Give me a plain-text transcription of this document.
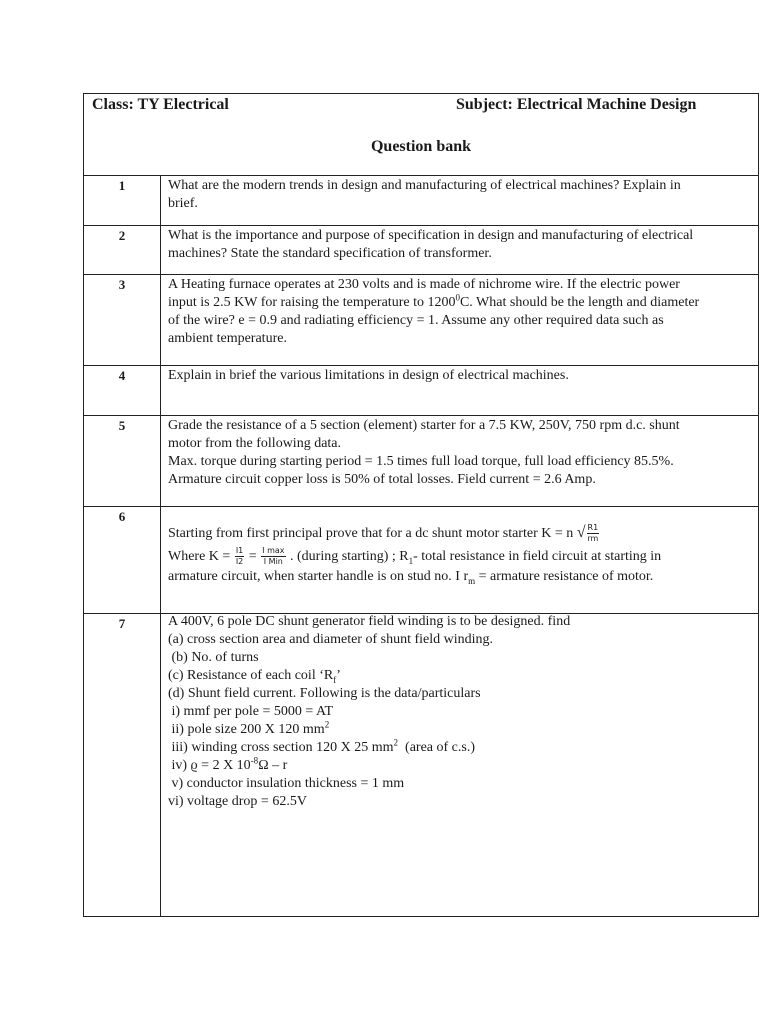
Class: TY Electrical	Subject: Electrical Machine Design
Question bank
1	What are the modern trends in design and manufacturing of electrical machines? Explain in

brief.

2	What is the importance and purpose of specification in design and manufacturing of electrical

machines? State the standard specification of transformer.

3	A Heating furnace operates at 230 volts and is made of nichrome wire. If the electric power

input is 2.5 KW for raising the temperature to 1200$^0$C. What should be the length and diameter

of the wire? e = 0.9 and radiating efficiency = 1. Assume any other required data such as

ambient temperature.

4	Explain in brief the various limitations in design of electrical machines.

5	Grade the resistance of a 5 section (element) starter for a 7.5 KW, 250V, 750 rpm d.c. shunt

motor from the following data.

Max. torque during starting period = 1.5 times full load torque, full load efficiency 85.5%.

Armature circuit copper loss is 50% of total losses. Field current = 2.6 Amp.

6

Starting from first principal prove that for a dc shunt motor starter K = n √ $\frac{R1}{rm}$

Where $K = \frac{I1}{I2} = \frac{\text{I max}}{\text{I Min}}$ . (during starting) ; $R_1-$ total resistance in field circuit at starting in

armature circuit, when starter handle is on stud no. I $r_m$ = armature resistance of motor.

7	A 400V, 6 pole DC shunt generator field winding is to be designed. find

(a) cross section area and diameter of shunt field winding.

(b) No. of turns

(c) Resistance of each coil ‘$R_f$’

(d) Shunt field current. Following is the data/particulars

i) mmf per pole = 5000 = AT

ii) pole size 200 X 120 $mm^2$

iii) winding cross section 120 X 25 $mm^2$  (area of c.s.)

iv) ϱ = 2 X $10^{-8}\Omega$ – r

v) conductor insulation thickness = 1 mm

vi) voltage drop = 62.5V
